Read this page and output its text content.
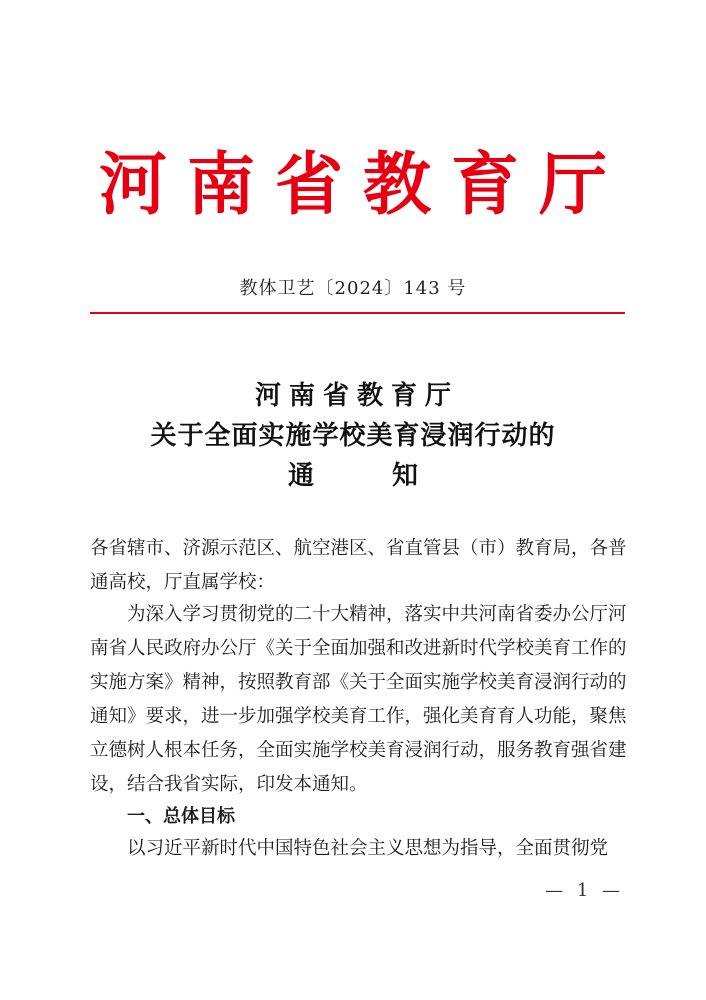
河南省教育厅
教体卫艺〔2024〕143 号
河南省教育厅
关于全面实施学校美育浸润行动的
通	知
各省辖市、济源示范区、航空港区、省直管县（市）教育局，各普通高校，厅直属学校：
为深入学习贯彻党的二十大精神，落实中共河南省委办公厅河南省人民政府办公厅《关于全面加强和改进新时代学校美育工作的实施方案》精神，按照教育部《关于全面实施学校美育浸润行动的通知》要求，进一步加强学校美育工作，强化美育育人功能，聚焦立德树人根本任务，全面实施学校美育浸润行动，服务教育强省建设，结合我省实际，印发本通知。
一、总体目标
以习近平新时代中国特色社会主义思想为指导，全面贯彻党
— 1 —
